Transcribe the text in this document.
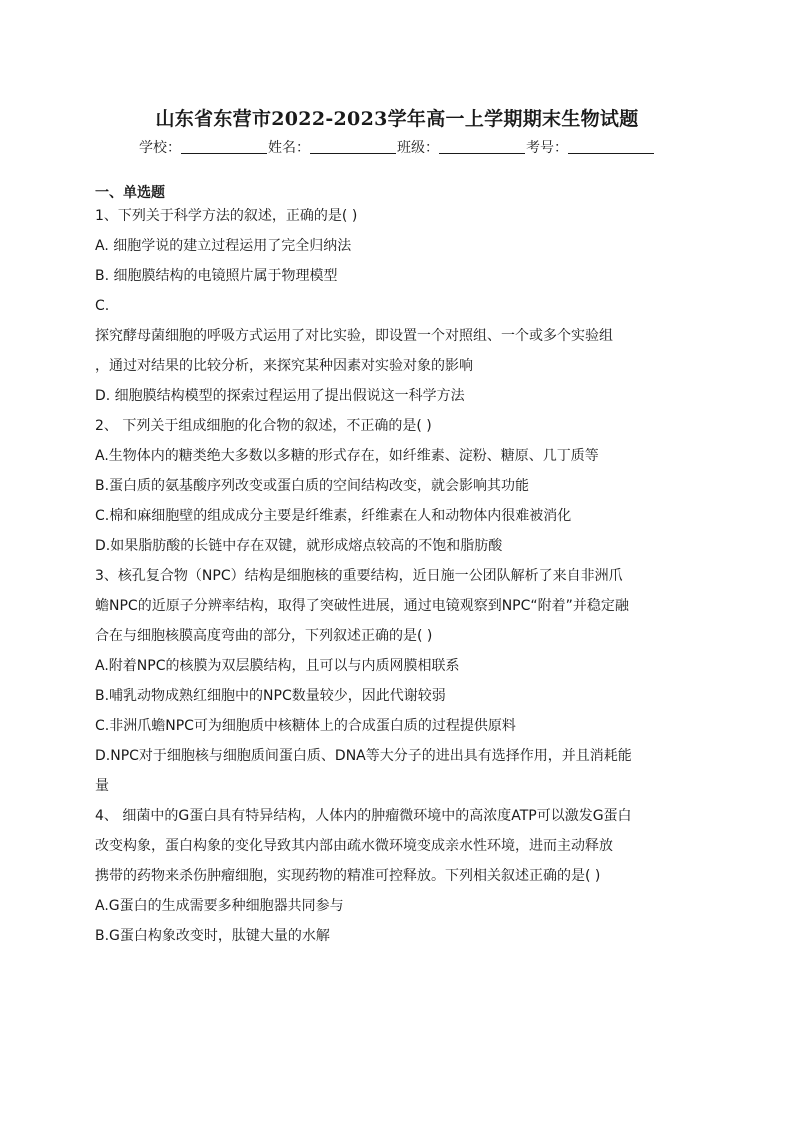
山东省东营市2022-2023学年高一上学期期末生物试题
学校：	姓名：	班级：	考号：
一、单选题
1、下列关于科学方法的叙述，正确的是( )
A. 细胞学说的建立过程运用了完全归纳法
B. 细胞膜结构的电镜照片属于物理模型
C.
探究酵母菌细胞的呼吸方式运用了对比实验，即设置一个对照组、一个或多个实验组
，通过对结果的比较分析，来探究某种因素对实验对象的影响
D. 细胞膜结构模型的探索过程运用了提出假说这一科学方法
2、 下列关于组成细胞的化合物的叙述，不正确的是( )
A.生物体内的糖类绝大多数以多糖的形式存在，如纤维素、淀粉、糖原、几丁质等
B.蛋白质的氨基酸序列改变或蛋白质的空间结构改变，就会影响其功能
C.棉和麻细胞壁的组成成分主要是纤维素，纤维素在人和动物体内很难被消化
D.如果脂肪酸的长链中存在双键，就形成熔点较高的不饱和脂肪酸
3、核孔复合物（NPC）结构是细胞核的重要结构，近日施一公团队解析了来自非洲爪
蟾NPC的近原子分辨率结构，取得了突破性进展，通过电镜观察到NPC“附着”并稳定融
合在与细胞核膜高度弯曲的部分，下列叙述正确的是( )
A.附着NPC的核膜为双层膜结构，且可以与内质网膜相联系
B.哺乳动物成熟红细胞中的NPC数量较少，因此代谢较弱
C.非洲爪蟾NPC可为细胞质中核糖体上的合成蛋白质的过程提供原料
D.NPC对于细胞核与细胞质间蛋白质、DNA等大分子的进出具有选择作用，并且消耗能
量
4、 细菌中的G蛋白具有特异结构，人体内的肿瘤微环境中的高浓度ATP可以激发G蛋白
改变构象，蛋白构象的变化导致其内部由疏水微环境变成亲水性环境，进而主动释放
携带的药物来杀伤肿瘤细胞，实现药物的精准可控释放。下列相关叙述正确的是( )
A.G蛋白的生成需要多种细胞器共同参与
B.G蛋白构象改变时，肽键大量的水解
